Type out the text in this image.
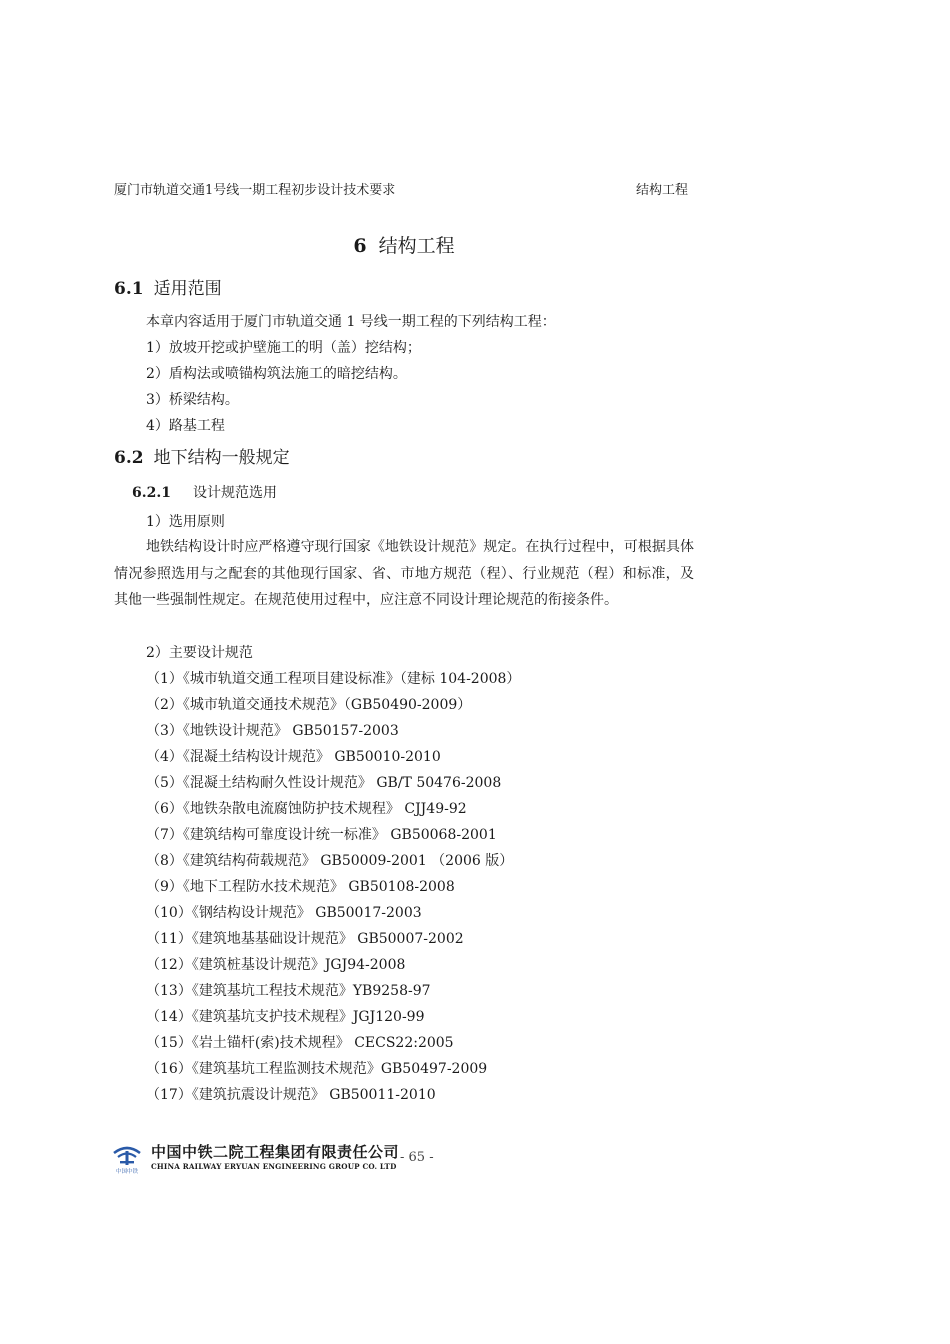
厦门市轨道交通1号线一期工程初步设计技术要求	结构工程
6 结构工程
6.1 适用范围
本章内容适用于厦门市轨道交通 1 号线一期工程的下列结构工程：
1）放坡开挖或护壁施工的明（盖）挖结构；
2）盾构法或喷锚构筑法施工的暗挖结构。
3）桥梁结构。
4）路基工程
6.2 地下结构一般规定
6.2.1 设计规范选用
1）选用原则
地铁结构设计时应严格遵守现行国家《地铁设计规范》规定。在执行过程中，可根据具体情况参照选用与之配套的其他现行国家、省、市地方规范（程）、行业规范（程）和标准，及其他一些强制性规定。在规范使用过程中，应注意不同设计理论规范的衔接条件。
2）主要设计规范
（1）《城市轨道交通工程项目建设标准》（建标 104-2008）
（2）《城市轨道交通技术规范》（GB50490-2009）
（3）《地铁设计规范》 GB50157-2003
（4）《混凝土结构设计规范》 GB50010-2010
（5）《混凝土结构耐久性设计规范》 GB/T 50476-2008
（6）《地铁杂散电流腐蚀防护技术规程》 CJJ49-92
（7）《建筑结构可靠度设计统一标准》 GB50068-2001
（8）《建筑结构荷载规范》 GB50009-2001 （2006 版）
（9）《地下工程防水技术规范》 GB50108-2008
（10）《钢结构设计规范》 GB50017-2003
（11）《建筑地基基础设计规范》 GB50007-2002
（12）《建筑桩基设计规范》JGJ94-2008
（13）《建筑基坑工程技术规范》YB9258-97
（14）《建筑基坑支护技术规程》JGJ120-99
（15）《岩土锚杆(索)技术规程》 CECS22:2005
（16）《建筑基坑工程监测技术规范》GB50497-2009
（17）《建筑抗震设计规范》 GB50011-2010
中国中铁
中国中铁二院工程集团有限责任公司
CHINA RAILWAY ERYUAN ENGINEERING GROUP CO. LTD
- 65 -
